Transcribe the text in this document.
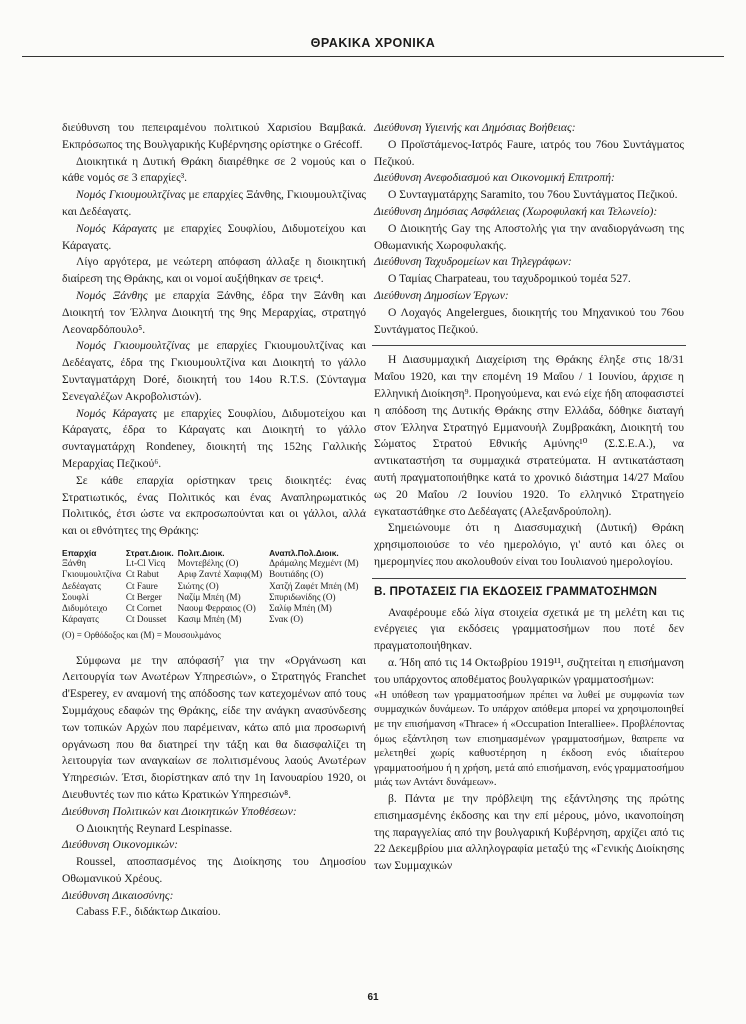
ΘΡΑΚΙΚΑ ΧΡΟΝΙΚΑ

διεύθυνση του πεπειραμένου πολιτικού Χαρισίου Βαμβακά. Εκπρόσωπος της Βουλγαρικής Κυβέρνησης ορίστηκε ο Grécoff.

Διοικητικά η Δυτική Θράκη διαιρέθηκε σε 2 νομούς και ο κάθε νομός σε 3 επαρχίες³.

Νομός Γκιουμουλτζίνας με επαρχίες Ξάνθης, Γκιουμουλτζίνας και Δεδέαγατς.

Νομός Κάραγατς με επαρχίες Σουφλίου, Διδυμοτείχου και Κάραγατς.

Λίγο αργότερα, με νεώτερη απόφαση άλλαξε η διοικητική διαίρεση της Θράκης, και οι νομοί αυξήθηκαν σε τρεις⁴.

Νομός Ξάνθης με επαρχία Ξάνθης, έδρα την Ξάνθη και Διοικητή τον Έλληνα Διοικητή της 9ης Μεραρχίας, στρατηγό Λεοναρδόπουλο⁵.

Νομός Γκιουμουλτζίνας με επαρχίες Γκιουμουλτζίνας και Δεδέαγατς, έδρα της Γκιουμουλτζίνα και Διοικητή το γάλλο Συνταγματάρχη Doré, διοικητή του 14ου R.T.S. (Σύνταγμα Σενεγαλέζων Ακροβολιστών).

Νομός Κάραγατς με επαρχίες Σουφλίου, Διδυμοτείχου και Κάραγατς, έδρα το Κάραγατς και Διοικητή το γάλλο συνταγματάρχη Rondeney, διοικητή της 152ης Γαλλικής Μεραρχίας Πεζικού⁶.

Σε κάθε επαρχία ορίστηκαν τρεις διοικητές: ένας Στρατιωτικός, ένας Πολιτικός και ένας Αναπληρωματικός Πολιτικός, έτσι ώστε να εκπροσωπούνται και οι γάλλοι, αλλά και οι εθνότητες της Θράκης:

Επαρχία	Στρατ.Διοικ.	Πολιτ.Διοικ.	Αναπλ.Πολ.Διοικ.
Ξάνθη	Lt-Cl Vicq	Μοντεβέλης (Ο)	Δράμαλης Μεχμέντ (Μ)
Γκιουμουλτζίνα	Ct Rabut	Αριφ Ζαντέ Χαφιφ(Μ)	Βουτιάδης (Ο)
Δεδέαγατς	Ct Faure	Σιώτης (Ο)	Χατζή Ζαφέτ Μπέη (Μ)
Σουφλί	Ct Berger	Ναζίμ Μπέη (Μ)	Σπυριδωνίδης (Ο)
Διδυμότειχο	Ct Cornet	Ναουμ Φερραιος (Ο)	Σαλίφ Μπέη (Μ)
Κάραγατς	Ct Dousset	Κασιμ Μπέη (Μ)	Σνακ (Ο)
(Ο) = Ορθόδοξος και (Μ) = Μουσουλμάνος

Σύμφωνα με την απόφασή⁷ για την «Οργάνωση και Λειτουργία των Ανωτέρων Υπηρεσιών», ο Στρατηγός Franchet d'Esperey, εν αναμονή της απόδοσης των κατεχομένων από τους Συμμάχους εδαφών της Θράκης, είδε την ανάγκη ανασύνδεσης των τοπικών Αρχών που παρέμειναν, κάτω από μια προσωρινή οργάνωση που θα διατηρεί την τάξη και θα διασφαλίζει τη λειτουργία των αναγκαίων σε πολιτισμένους λαούς Ανωτέρων Υπηρεσιών. Έτσι, διορίστηκαν από την 1η Ιανουαρίου 1920, οι Διευθυντές των πιο κάτω Κρατικών Υπηρεσιών⁸.

Διεύθυνση Πολιτικών και Διοικητικών Υποθέσεων:

Ο Διοικητής Reynard Lespinasse.

Διεύθυνση Οικονομικών:

Roussel, αποσπασμένος της Διοίκησης του Δημοσίου Οθωμανικού Χρέους.

Διεύθυνση Δικαιοσύνης:

Cabass F.F., διδάκτωρ Δικαίου.

Διεύθυνση Υγιεινής και Δημόσιας Βοήθειας:

Ο Προϊστάμενος-Ιατρός Faure, ιατρός του 76ου Συντάγματος Πεζικού.

Διεύθυνση Ανεφοδιασμού και Οικονομική Επιτροπή:

Ο Συνταγματάρχης Saramito, του 76ου Συντάγματος Πεζικού.

Διεύθυνση Δημόσιας Ασφάλειας (Χωροφυλακή και Τελωνείο):

Ο Διοικητής Gay της Αποστολής για την αναδιοργάνωση της Οθωμανικής Χωροφυλακής.

Διεύθυνση Ταχυδρομείων και Τηλεγράφων:

Ο Ταμίας Charpateau, του ταχυδρομικού τομέα 527.

Διεύθυνση Δημοσίων Έργων:

Ο Λοχαγός Angelergues, διοικητής του Μηχανικού του 76ου Συντάγματος Πεζικού.

Η Διασυμμαχική Διαχείριση της Θράκης έληξε στις 18/31 Μαΐου 1920, και την επομένη 19 Μαΐου / 1 Ιουνίου, άρχισε η Ελληνική Διοίκηση⁹. Προηγούμενα, και ενώ είχε ήδη αποφασιστεί η απόδοση της Δυτικής Θράκης στην Ελλάδα, δόθηκε διαταγή στον Έλληνα Στρατηγό Εμμανουήλ Ζυμβρακάκη, Διοικητή του Σώματος Στρατού Εθνικής Αμύνης¹⁰ (Σ.Σ.Ε.Α.), να αντικαταστήση τα συμμαχικά στρατεύματα. Η αντικατάσταση αυτή πραγματοποιήθηκε κατά το χρονικό διάστημα 14/27 Μαΐου ως 20 Μαΐου /2 Ιουνίου 1920. Το ελληνικό Στρατηγείο εγκαταστάθηκε στο Δεδέαγατς (Αλεξανδρούπολη).

Σημειώνουμε ότι η Διασσυμαχική (Δυτική) Θράκη χρησιμοποιούσε το νέο ημερολόγιο, γι' αυτό και όλες οι ημερομηνίες που ακολουθούν είναι του Ιουλιανού ημερολογίου.

Β. ΠΡΟΤΑΣΕΙΣ ΓΙΑ ΕΚΔΟΣΕΙΣ ΓΡΑΜΜΑΤΟΣΗΜΩΝ

Αναφέρουμε εδώ λίγα στοιχεία σχετικά με τη μελέτη και τις ενέργειες για εκδόσεις γραμματοσήμων που ποτέ δεν πραγματοποιήθηκαν.

α. Ήδη από τις 14 Οκτωβρίου 1919¹¹, συζητείται η επισήμανση του υπάρχοντος αποθέματος βουλγαρικών γραμματοσήμων:

«Η υπόθεση των γραμματοσήμων πρέπει να λυθεί με συμφωνία των συμμαχικών δυνάμεων. Το υπάρχον απόθεμα μπορεί να χρησιμοποιηθεί με την επισήμανση «Thrace» ή «Occupation Interalliee». Προβλέποντας όμως εξάντληση των επισημασμένων γραμματοσήμων, θαπρεπε να μελετηθεί χωρίς καθυστέρηση η έκδοση ενός ιδιαίτερου γραμματοσήμου ή η χρήση, μετά από επισήμανση, ενός γραμματοσήμου μιάς των Αντάντ δυνάμεων».

β. Πάντα με την πρόβλεψη της εξάντλησης της πρώτης επισημασμένης έκδοσης και την επί μέρους, μόνο, ικανοποίηση της παραγγελίας από την βουλγαρική Κυβέρνηση, αρχίζει από τις 22 Δεκεμβρίου μια αλληλογραφία μεταξύ της «Γενικής Διοίκησης των Συμμαχικών

61
